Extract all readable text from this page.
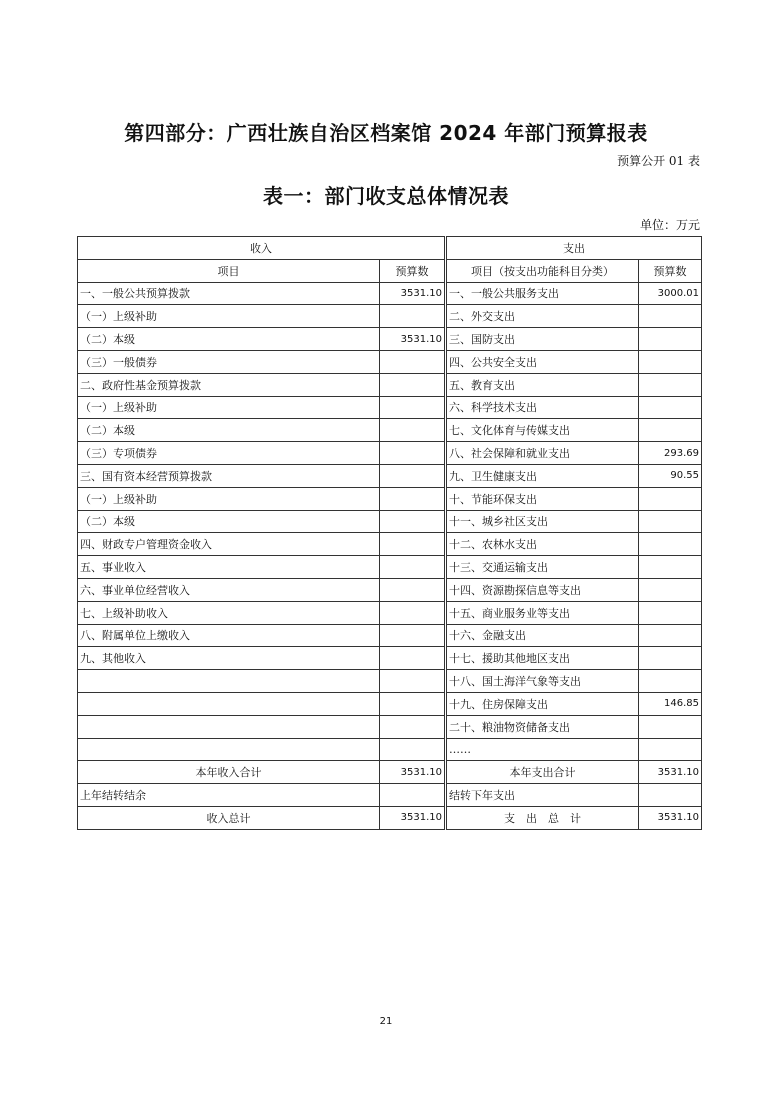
第四部分：广西壮族自治区档案馆 2024 年部门预算报表
预算公开 01 表
表一：部门收支总体情况表
单位：万元
收入		支出	
项目	预算数	项目（按支出功能科目分类）	预算数
一、一般公共预算拨款	3531.10	一、一般公共服务支出	3000.01
（一）上级补助		二、外交支出	
（二）本级	3531.10	三、国防支出	
（三）一般债券		四、公共安全支出	
二、政府性基金预算拨款		五、教育支出	
（一）上级补助		六、科学技术支出	
（二）本级		七、文化体育与传媒支出	
（三）专项债券		八、社会保障和就业支出	293.69
三、国有资本经营预算拨款		九、卫生健康支出	90.55
（一）上级补助		十、节能环保支出	
（二）本级		十一、城乡社区支出	
四、财政专户管理资金收入		十二、农林水支出	
五、事业收入		十三、交通运输支出	
六、事业单位经营收入		十四、资源勘探信息等支出	
七、上级补助收入		十五、商业服务业等支出	
八、附属单位上缴收入		十六、金融支出	
九、其他收入		十七、援助其他地区支出	
		十八、国土海洋气象等支出	
		十九、住房保障支出	146.85
		二十、粮油物资储备支出	
		……	
本年收入合计	3531.10	本年支出合计	3531.10
上年结转结余		结转下年支出	
收入总计	3531.10	支　出　总　计	3531.10
21
